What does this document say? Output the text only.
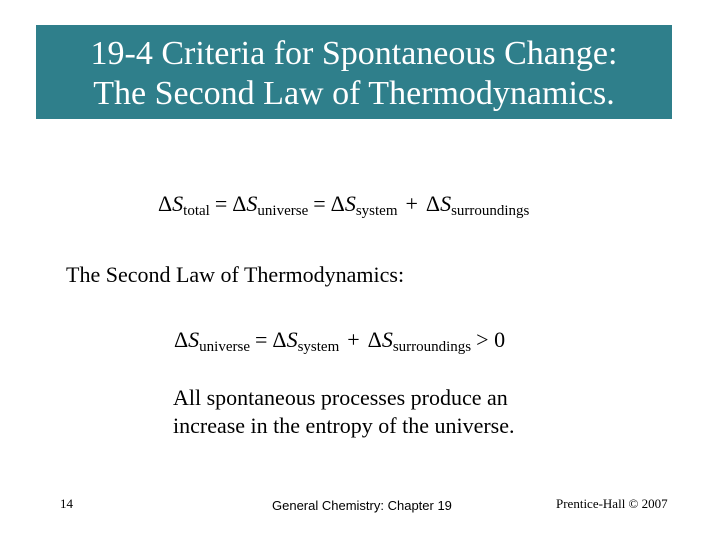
19-4 Criteria for Spontaneous Change:
The Second Law of Thermodynamics.
$\Delta S_{total} = \Delta S_{universe} = \Delta S_{system} + \Delta S_{surroundings}$
The Second Law of Thermodynamics:
$\Delta S_{universe} = \Delta S_{system} + \Delta S_{surroundings} > 0$
All spontaneous processes produce an
increase in the entropy of the universe.
14	General Chemistry: Chapter 19	Prentice-Hall © 2007
